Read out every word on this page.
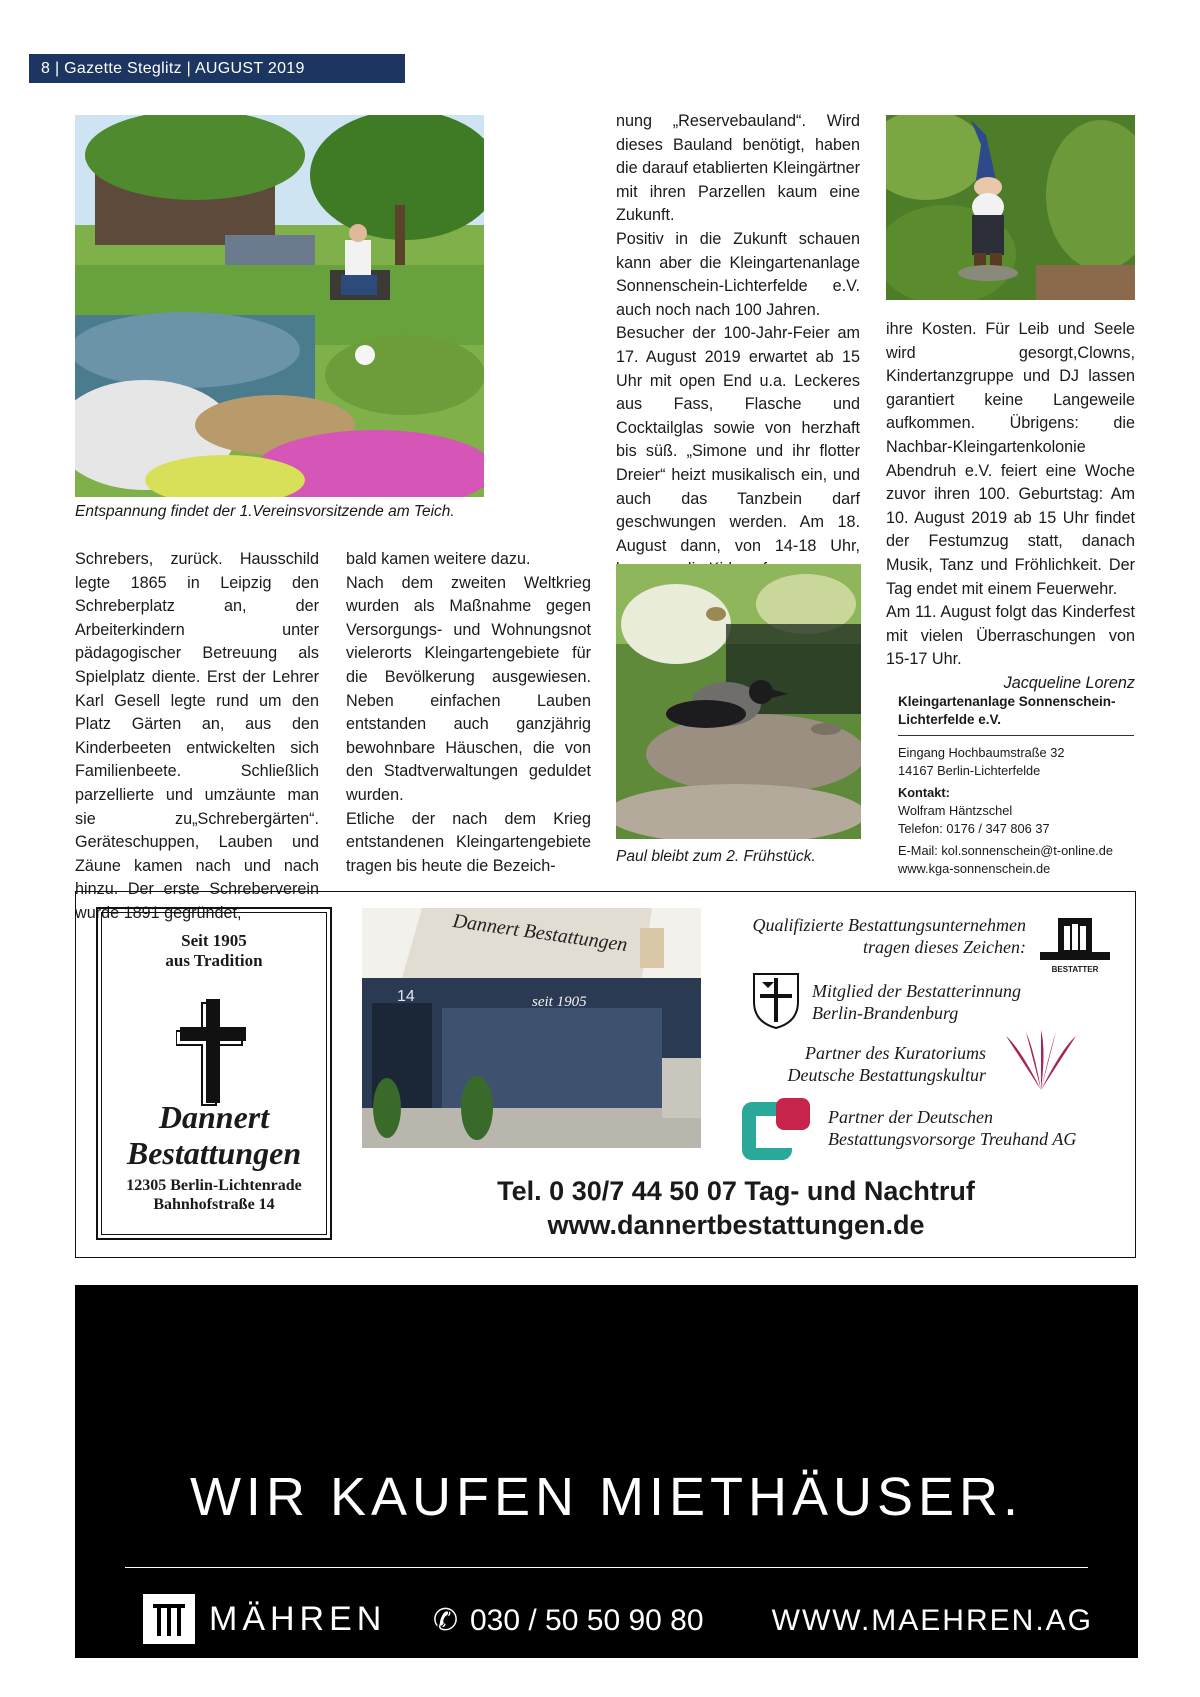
8 | Gazette Steglitz | AUGUST 2019
Entspannung findet der 1.Vereinsvorsitzende am Teich.

Schrebers, zurück. Hausschild legte 1865 in Leipzig den Schreberplatz an, der Arbeiterkindern unter pädagogischer Betreuung als Spielplatz diente. Erst der Lehrer Karl Gesell legte rund um den Platz Gärten an, aus den Kinderbeeten entwickelten sich Familienbeete. Schließlich parzellierte und umzäunte man sie zu„Schrebergärten“. Geräteschuppen, Lauben und Zäune kamen nach und nach hinzu. Der erste Schreberverein wurde 1891 gegründet,

bald kamen weitere dazu.

Nach dem zweiten Weltkrieg wurden als Maßnahme gegen Versorgungs- und Wohnungsnot vielerorts Kleingartengebiete für die Bevölkerung ausgewiesen. Neben einfachen Lauben entstanden auch ganzjährig bewohnbare Häuschen, die von den Stadtverwaltungen geduldet wurden.

Etliche der nach dem Krieg entstandenen Kleingartengebiete tragen bis heute die Bezeich-

nung „Reservebauland“. Wird dieses Bauland benötigt, haben die darauf etablierten Kleingärtner mit ihren Parzellen kaum eine Zukunft.

Positiv in die Zukunft schauen kann aber die Kleingartenanlage Sonnenschein-Lichterfelde e.V. auch noch nach 100 Jahren.

Besucher der 100-Jahr-Feier am 17. August 2019 erwartet ab 15 Uhr mit open End u.a. Leckeres aus Fass, Flasche und Cocktailglas sowie von herzhaft bis süß. „Simone und ihr flotter Dreier“ heizt musikalisch ein, und auch das Tanzbein darf geschwungen werden. Am 18. August dann, von 14-18 Uhr,

Paul bleibt zum 2. Frühstück.

ihre Kosten. Für Leib und Seele wird gesorgt,Clowns, Kindertanzgruppe und DJ lassen garantiert keine Langeweile aufkommen. Übrigens: die Nachbar-Kleingartenkolonie Abendruh e.V. feiert eine Woche zuvor ihren 100. Geburtstag: Am 10. August 2019 ab 15 Uhr findet der Festumzug statt, danach Musik, Tanz und Fröhlichkeit. Der Tag endet mit einem Feuerwehr.

Am 11. August folgt das Kinderfest mit vielen Überraschungen von 15-17 Uhr.

Jacqueline Lorenz

Kleingartenanlage Sonnenschein-
Lichterfelde e.V.
Eingang Hochbaumstraße 32
14167 Berlin-Lichterfelde
Kontakt:
Wolfram Häntzschel
Telefon: 0176 / 347 806 37
E-Mail: kol.sonnenschein@t-online.de
www.kga-sonnenschein.de
Seit 1905
aus Tradition
Dannert
Bestattungen
12305 Berlin-Lichtenrade
Bahnhofstraße 14
Dannert Bestattungen
14	seit 1905
Qualifizierte Bestattungsunternehmen
tragen dieses Zeichen:
BESTATTER
Mitglied der Bestatterinnung
Berlin-Brandenburg
Partner des Kuratoriums
Deutsche Bestattungskultur
Partner der Deutschen
Bestattungsvorsorge Treuhand AG
Tel. 0 30/7 44 50 07 Tag- und Nachtruf
www.dannertbestattungen.de
WIR KAUFEN MIETHÄUSER.
MÄHREN ✆ 030 / 50 50 90 80 WWW.MAEHREN.AG
